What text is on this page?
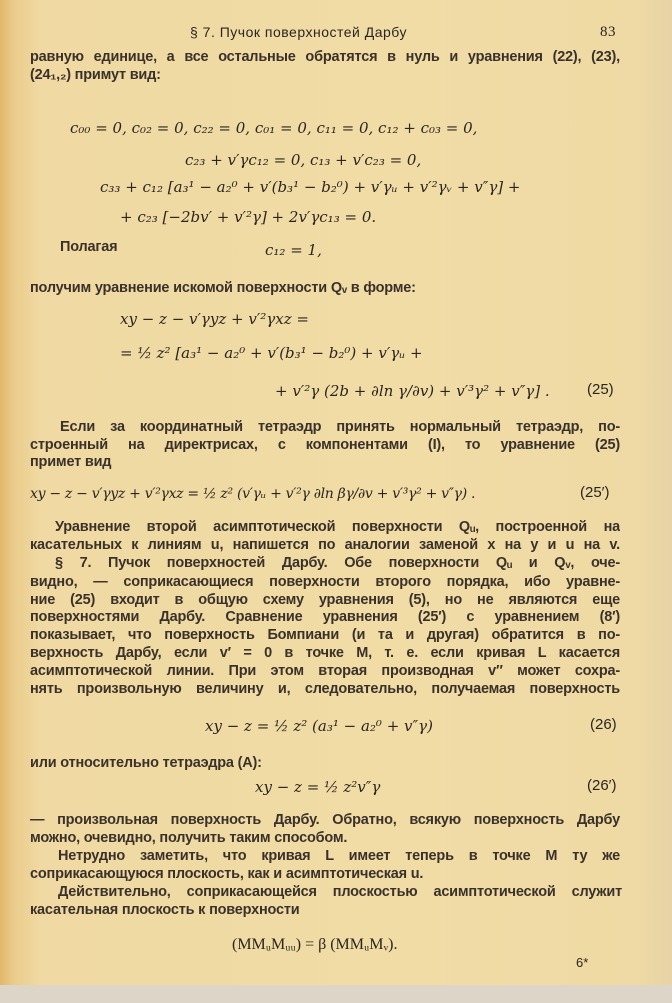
§ 7. Пучок поверхностей Дарбу	83
равную единице, а все остальные обратятся в нуль и уравнения (22), (23),
(24₁,₂) примут вид:
c₀₀ = 0, c₀₂ = 0, c₂₂ = 0, c₀₁ = 0, c₁₁ = 0, c₁₂ + c₀₃ = 0,
c₂₃ + v′γc₁₂ = 0, c₁₃ + v′c₂₃ = 0,
c₃₃ + c₁₂ [a₃¹ − a₂⁰ + v′(b₃¹ − b₂⁰) + v′γᵤ + v′²γᵥ + v″γ] +
+ c₂₃ [−2bv′ + v′²γ] + 2v′γc₁₃ = 0.
Полагая	c₁₂ = 1,
получим уравнение искомой поверхности Qᵥ в форме:
xy − z − v′γyz + v′²γxz =
= ½ z² [a₃¹ − a₂⁰ + v′(b₃¹ − b₂⁰) + v′γᵤ +
+ v′²γ (2b + ∂ln γ/∂v) + v′³γ² + v″γ] . (25)
Если за координатный тетраэдр принять нормальный тетраэдр, по-
строенный на директрисах, с компонентами (I), то уравнение (25)
примет вид
xy − z − v′γyz + v′²γxz = ½ z² (v′γᵤ + v′²γ ∂ln βγ/∂v + v′³γ² + v″γ) .	(25′)
Уравнение второй асимптотической поверхности Qᵤ, построенной на
касательных к линиям u, напишется по аналогии заменой x на y и u на v.
§ 7. Пучок поверхностей Дарбу. Обе поверхности Qᵤ и Qᵥ, оче-
видно, — соприкасающиеся поверхности второго порядка, ибо уравне-
ние (25) входит в общую схему уравнения (5), но не являются еще
поверхностями Дарбу. Сравнение уравнения (25′) с уравнением (8′)
показывает, что поверхность Бомпиани (и та и другая) обратится в по-
верхность Дарбу, если v′ = 0 в точке M, т. е. если кривая L касается
асимптотической линии. При этом вторая производная v″ может сохра-
нять произвольную величину и, следовательно, получаемая поверхность
xy − z = ½ z² (a₃¹ − a₂⁰ + v″γ)	(26)
или относительно тетраэдра (A):
xy − z = ½ z²v″γ	(26′)
— произвольная поверхность Дарбу. Обратно, всякую поверхность Дарбу
можно, очевидно, получить таким способом.
Нетрудно заметить, что кривая L имеет теперь в точке M ту же
соприкасающуюся плоскость, как и асимптотическая u.
Действительно, соприкасающейся плоскостью асимптотической служит
касательная плоскость к поверхности
(MMᵤMᵤᵤ) = β (MMᵤMᵥ).
6*
